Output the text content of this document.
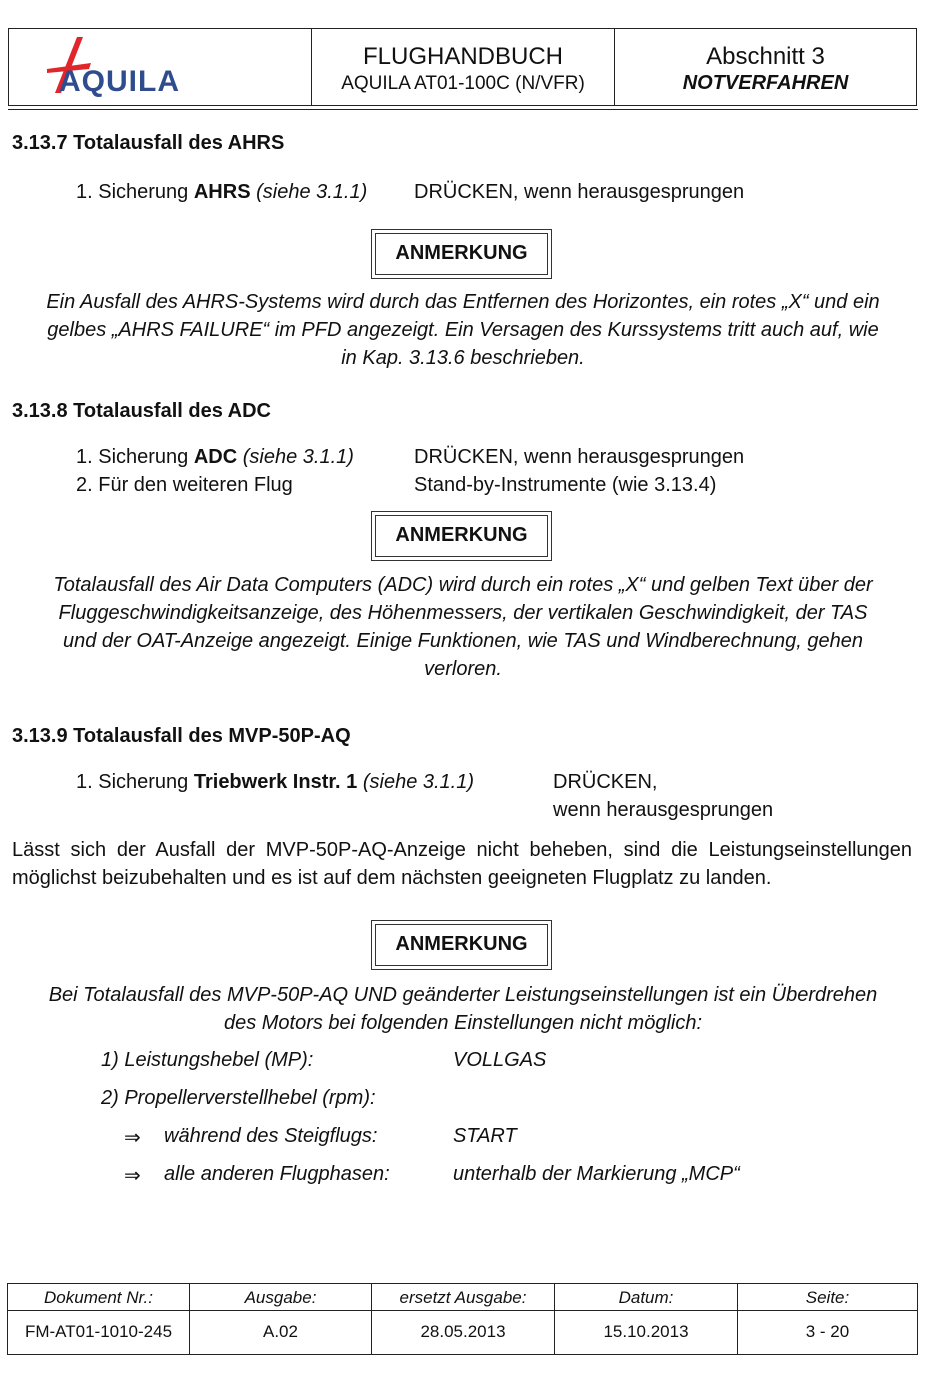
AQUILA
FLUGHANDBUCH
AQUILA AT01-100C (N/VFR)
Abschnitt 3
NOTVERFAHREN
3.13.7 Totalausfall des AHRS
1. Sicherung AHRS (siehe 3.1.1) DRÜCKEN, wenn herausgesprungen
ANMERKUNG
Ein Ausfall des AHRS-Systems wird durch das Entfernen des Horizontes, ein rotes „X“ und ein
gelbes „AHRS FAILURE“ im PFD angezeigt. Ein Versagen des Kurssystems tritt auch auf, wie
in Kap. 3.13.6 beschrieben.
3.13.8 Totalausfall des ADC
1. Sicherung ADC (siehe 3.1.1)	DRÜCKEN, wenn herausgesprungen
2. Für den weiteren Flug	Stand-by-Instrumente (wie 3.13.4)
ANMERKUNG
Totalausfall des Air Data Computers (ADC) wird durch ein rotes „X“ und gelben Text über der
Fluggeschwindigkeitsanzeige, des Höhenmessers, der vertikalen Geschwindigkeit, der TAS
und der OAT-Anzeige angezeigt. Einige Funktionen, wie TAS und Windberechnung, gehen
verloren.
3.13.9 Totalausfall des MVP-50P-AQ
1. Sicherung Triebwerk Instr. 1 (siehe 3.1.1)	DRÜCKEN,
wenn herausgesprungen
Lässt sich der Ausfall der MVP-50P-AQ-Anzeige nicht beheben, sind die Leistungseinstellungen möglichst beizubehalten und es ist auf dem nächsten geeigneten Flugplatz zu landen.
ANMERKUNG
Bei Totalausfall des MVP-50P-AQ UND geänderter Leistungseinstellungen ist ein Überdrehen
des Motors bei folgenden Einstellungen nicht möglich:
1) Leistungshebel (MP):	VOLLGAS
2) Propellerverstellhebel (rpm):
⇒ während des Steigflugs:	START
⇒ alle anderen Flugphasen:	unterhalb der Markierung „MCP“
Dokument Nr.:	Ausgabe:	ersetzt Ausgabe:	Datum:	Seite:
FM-AT01-1010-245	A.02	28.05.2013	15.10.2013	3 - 20
